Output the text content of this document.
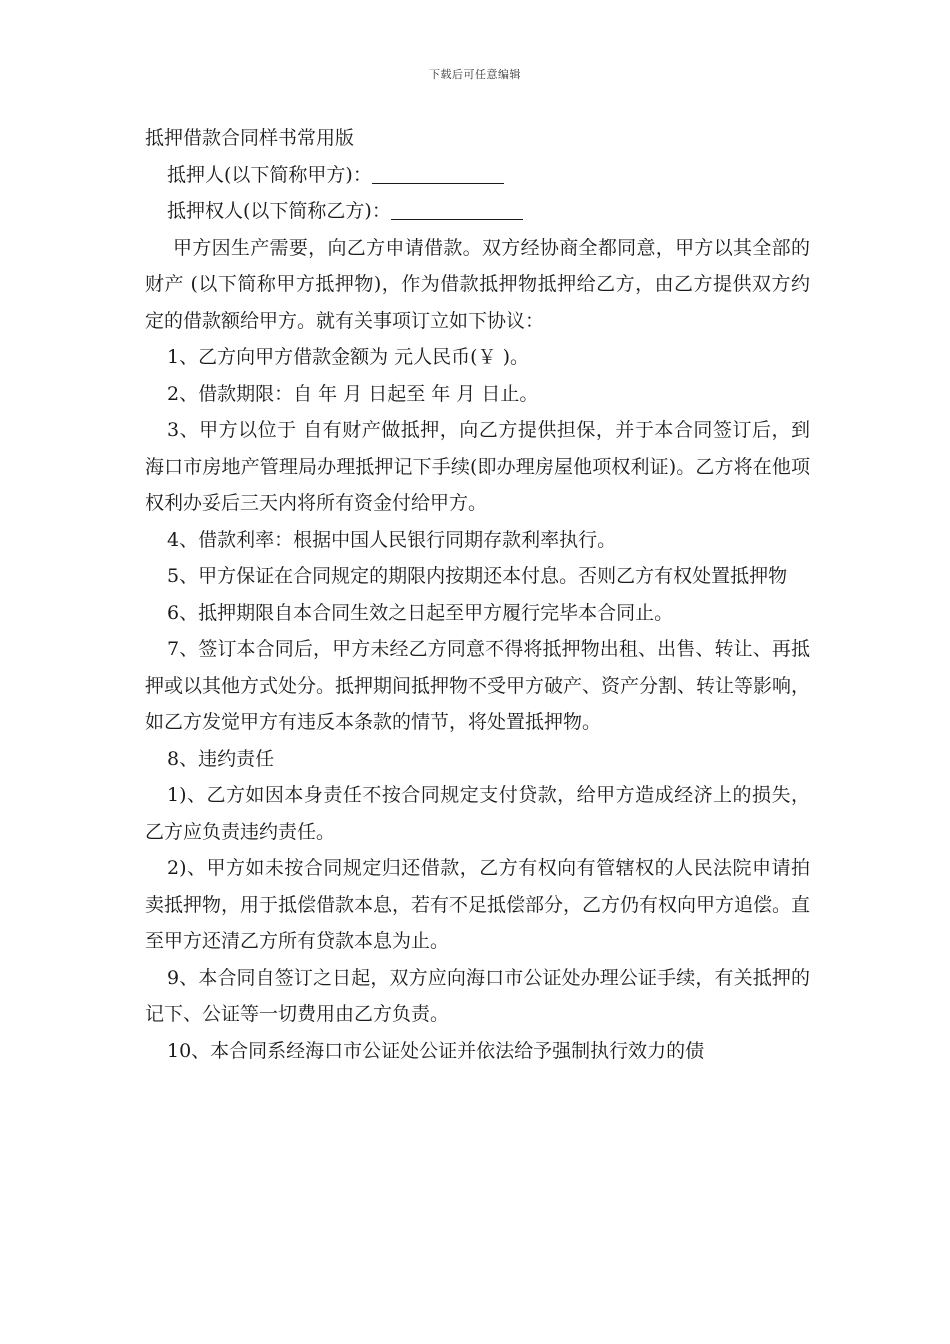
下载后可任意编辑

抵押借款合同样书常用版

抵押人(以下简称甲方)：

抵押权人(以下简称乙方)：

甲方因生产需要，向乙方申请借款。双方经协商全都同意，甲方以其全部的财产 (以下简称甲方抵押物)，作为借款抵押物抵押给乙方，由乙方提供双方约定的借款额给甲方。就有关事项订立如下协议：

1、乙方向甲方借款金额为 元人民币(￥ )。

2、借款期限：自 年 月 日起至 年 月 日止。

3、甲方以位于 自有财产做抵押，向乙方提供担保，并于本合同签订后，到海口市房地产管理局办理抵押记下手续(即办理房屋他项权利证)。乙方将在他项权利办妥后三天内将所有资金付给甲方。

4、借款利率：根据中国人民银行同期存款利率执行。

5、甲方保证在合同规定的期限内按期还本付息。否则乙方有权处置抵押物

6、抵押期限自本合同生效之日起至甲方履行完毕本合同止。

7、签订本合同后，甲方未经乙方同意不得将抵押物出租、出售、转让、再抵押或以其他方式处分。抵押期间抵押物不受甲方破产、资产分割、转让等影响，如乙方发觉甲方有违反本条款的情节，将处置抵押物。

8、违约责任

1)、乙方如因本身责任不按合同规定支付贷款，给甲方造成经济上的损失，乙方应负责违约责任。

2)、甲方如未按合同规定归还借款，乙方有权向有管辖权的人民法院申请拍卖抵押物，用于抵偿借款本息，若有不足抵偿部分，乙方仍有权向甲方追偿。直至甲方还清乙方所有贷款本息为止。

9、本合同自签订之日起，双方应向海口市公证处办理公证手续，有关抵押的记下、公证等一切费用由乙方负责。

10、本合同系经海口市公证处公证并依法给予强制执行效力的债
